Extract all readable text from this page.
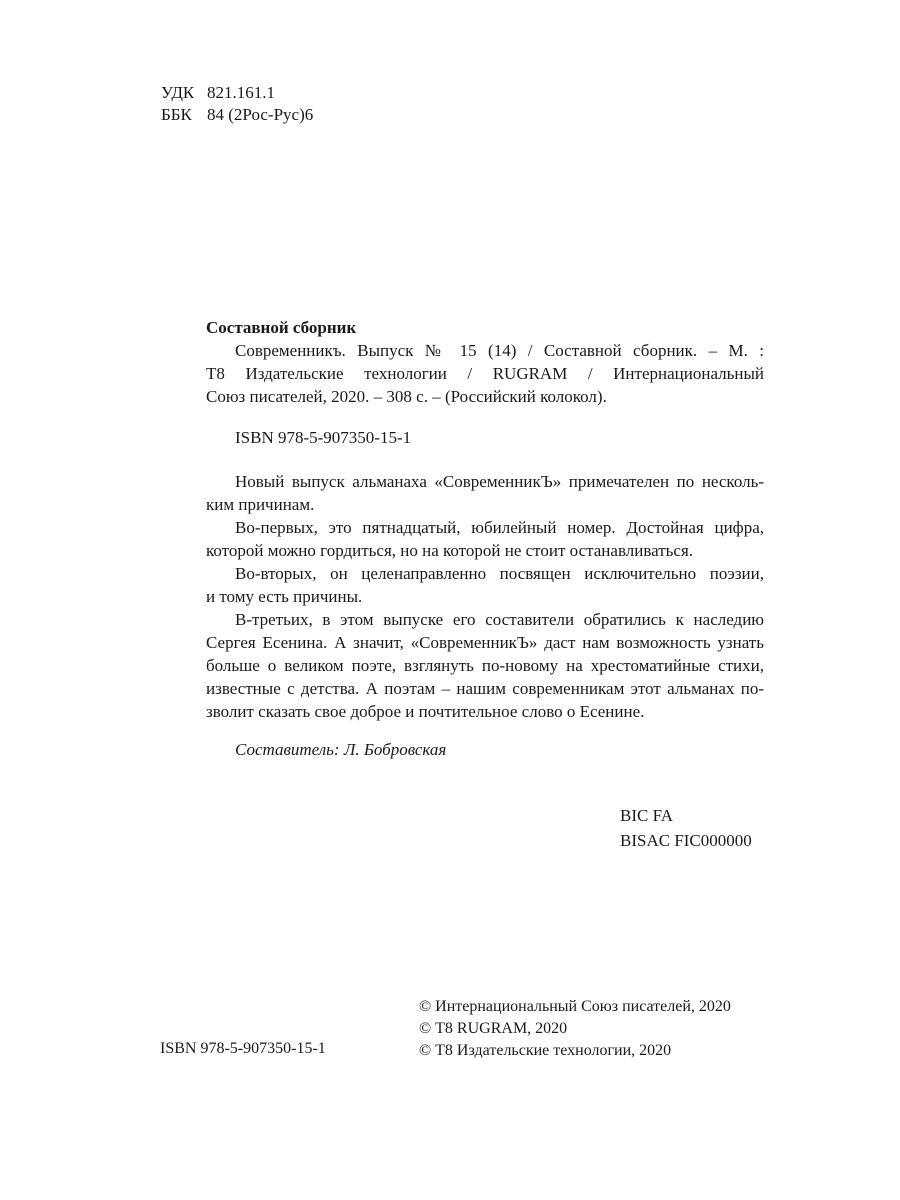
УДК 821.161.1
ББК 84 (2Рос-Рус)6
Составной сборник
Современникъ. Выпуск № 15 (14) / Составной сборник. – М. :
Т8 Издательские технологии / RUGRAM / Интернациональный
Союз писателей, 2020. – 308 с. – (Российский колокол).
ISBN 978-5-907350-15-1
Новый выпуск альманаха «СовременникЪ» примечателен по несколь-
ким причинам.
Во-первых, это пятнадцатый, юбилейный номер. Достойная цифра,
которой можно гордиться, но на которой не стоит останавливаться.
Во-вторых, он целенаправленно посвящен исключительно поэзии,
и тому есть причины.
В-третьих, в этом выпуске его составители обратились к наследию
Сергея Есенина. А значит, «СовременникЪ» даст нам возможность узнать
больше о великом поэте, взглянуть по-новому на хрестоматийные стихи,
известные с детства. А поэтам – нашим современникам этот альманах по-
зволит сказать свое доброе и почтительное слово о Есенине.
Составитель: Л. Бобровская
BIC FA
BISAC FIC000000
ISBN 978-5-907350-15-1
© Интернациональный Союз писателей, 2020
© Т8 RUGRAM, 2020
© Т8 Издательские технологии, 2020
